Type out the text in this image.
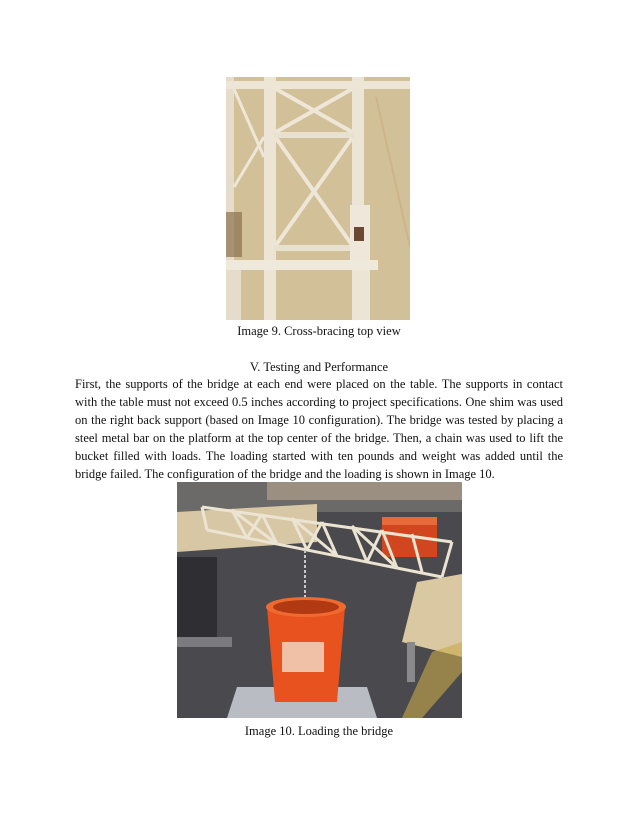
Image 9. Cross-bracing top view
V. Testing and Performance

First, the supports of the bridge at each end were placed on the table. The supports in contact with the table must not exceed 0.5 inches according to project specifications. One shim was used on the right back support (based on Image 10 configuration). The bridge was tested by placing a steel metal bar on the platform at the top center of the bridge. Then, a chain was used to lift the bucket filled with loads. The loading started with ten pounds and weight was added until the bridge failed. The configuration of the bridge and the loading is shown in Image 10.

Image 10. Loading the bridge
